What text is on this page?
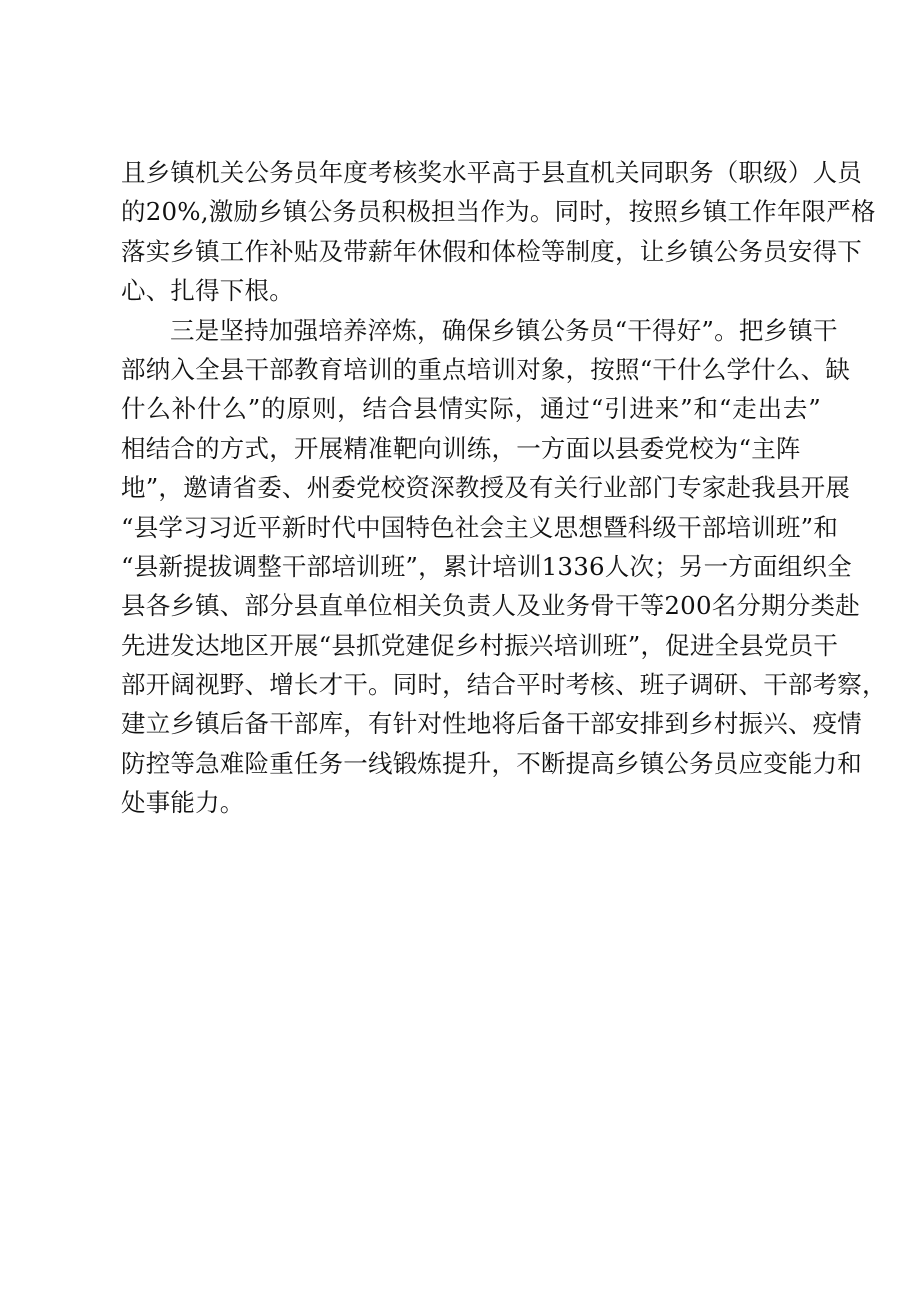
且乡镇机关公务员年度考核奖水平高于县直机关同职务（职级）人员
的20%,激励乡镇公务员积极担当作为。同时，按照乡镇工作年限严格
落实乡镇工作补贴及带薪年休假和体检等制度，让乡镇公务员安得下
心、扎得下根。
三是坚持加强培养淬炼，确保乡镇公务员“干得好”。把乡镇干
部纳入全县干部教育培训的重点培训对象，按照“干什么学什么、缺
什么补什么”的原则，结合县情实际，通过“引进来”和“走出去”
相结合的方式，开展精准靶向训练，一方面以县委党校为“主阵
地”，邀请省委、州委党校资深教授及有关行业部门专家赴我县开展
“县学习习近平新时代中国特色社会主义思想暨科级干部培训班”和
“县新提拔调整干部培训班”，累计培训1336人次；另一方面组织全
县各乡镇、部分县直单位相关负责人及业务骨干等200名分期分类赴
先进发达地区开展“县抓党建促乡村振兴培训班”，促进全县党员干
部开阔视野、增长才干。同时，结合平时考核、班子调研、干部考察，
建立乡镇后备干部库，有针对性地将后备干部安排到乡村振兴、疫情
防控等急难险重任务一线锻炼提升，不断提高乡镇公务员应变能力和
处事能力。
